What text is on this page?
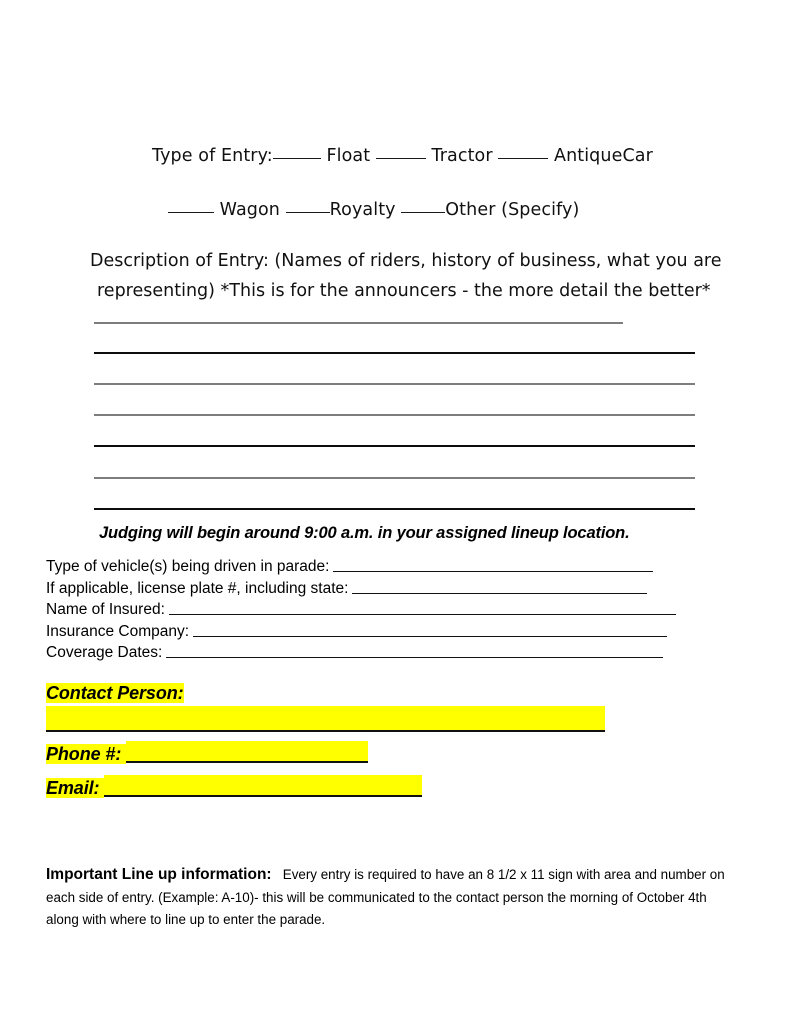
Type of Entry:	Float	Tractor	AntiqueCar
Wagon	Royalty	Other (Specify)
Description of Entry: (Names of riders, history of business, what you are
representing) *This is for the announcers - the more detail the better*
Judging will begin around 9:00 a.m. in your assigned lineup location.
Type of vehicle(s) being driven in parade:
If applicable, license plate #, including state:
Name of Insured:
Insurance Company:
Coverage Dates:
Contact Person:
Phone #:
Email:
Important Line up information: Every entry is required to have an 8 1/2 x 11 sign with area and number on each side of entry. (Example: A-10)- this will be communicated to the contact person the morning of October 4th along with where to line up to enter the parade.
